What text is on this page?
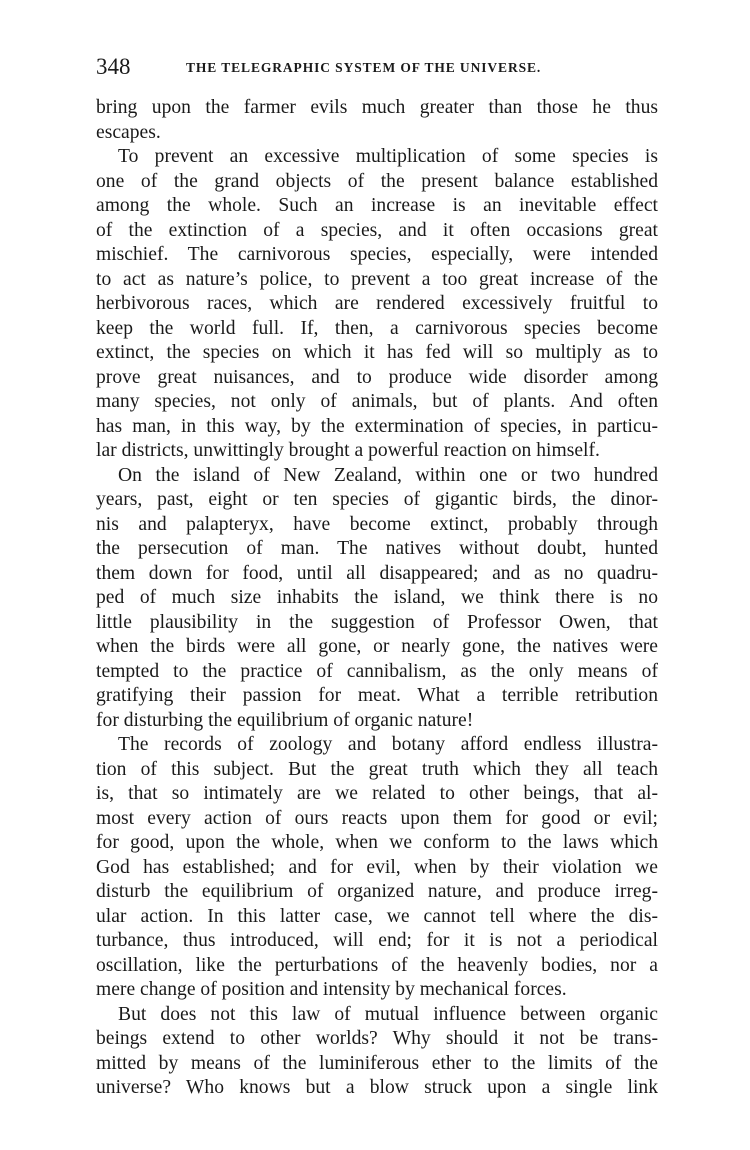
348	THE TELEGRAPHIC SYSTEM OF THE UNIVERSE.
bring upon the farmer evils much greater than those he thus
escapes.
To prevent an excessive multiplication of some species is
one of the grand objects of the present balance established
among the whole. Such an increase is an inevitable effect
of the extinction of a species, and it often occasions great
mischief. The carnivorous species, especially, were intended
to act as nature’s police, to prevent a too great increase of the
herbivorous races, which are rendered excessively fruitful to
keep the world full. If, then, a carnivorous species become
extinct, the species on which it has fed will so multiply as to
prove great nuisances, and to produce wide disorder among
many species, not only of animals, but of plants. And often
has man, in this way, by the extermination of species, in particu-
lar districts, unwittingly brought a powerful reaction on himself.
On the island of New Zealand, within one or two hundred
years, past, eight or ten species of gigantic birds, the dinor-
nis and palapteryx, have become extinct, probably through
the persecution of man. The natives without doubt, hunted
them down for food, until all disappeared; and as no quadru-
ped of much size inhabits the island, we think there is no
little plausibility in the suggestion of Professor Owen, that
when the birds were all gone, or nearly gone, the natives were
tempted to the practice of cannibalism, as the only means of
gratifying their passion for meat. What a terrible retribution
for disturbing the equilibrium of organic nature!
The records of zoology and botany afford endless illustra-
tion of this subject. But the great truth which they all teach
is, that so intimately are we related to other beings, that al-
most every action of ours reacts upon them for good or evil;
for good, upon the whole, when we conform to the laws which
God has established; and for evil, when by their violation we
disturb the equilibrium of organized nature, and produce irreg-
ular action. In this latter case, we cannot tell where the dis-
turbance, thus introduced, will end; for it is not a periodical
oscillation, like the perturbations of the heavenly bodies, nor a
mere change of position and intensity by mechanical forces.
But does not this law of mutual influence between organic
beings extend to other worlds? Why should it not be trans-
mitted by means of the luminiferous ether to the limits of the
universe? Who knows but a blow struck upon a single link
